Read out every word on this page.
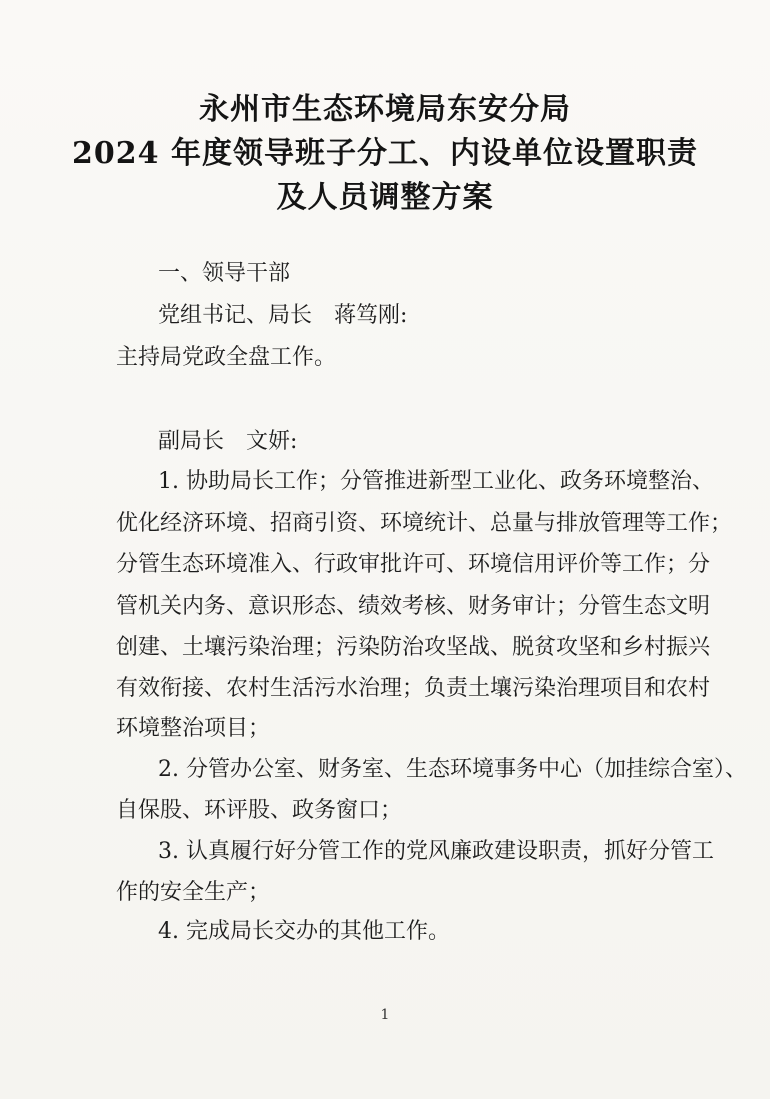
永州市生态环境局东安分局
2024 年度领导班子分工、内设单位设置职责
及人员调整方案
一、领导干部
党组书记、局长　蒋笃刚:
主持局党政全盘工作。
副局长　文妍:
1. 协助局长工作；分管推进新型工业化、政务环境整治、
优化经济环境、招商引资、环境统计、总量与排放管理等工作；
分管生态环境准入、行政审批许可、环境信用评价等工作；分
管机关内务、意识形态、绩效考核、财务审计；分管生态文明
创建、土壤污染治理；污染防治攻坚战、脱贫攻坚和乡村振兴
有效衔接、农村生活污水治理；负责土壤污染治理项目和农村
环境整治项目；
2. 分管办公室、财务室、生态环境事务中心（加挂综合室）、
自保股、环评股、政务窗口；
3. 认真履行好分管工作的党风廉政建设职责，抓好分管工
作的安全生产；
4. 完成局长交办的其他工作。
1
